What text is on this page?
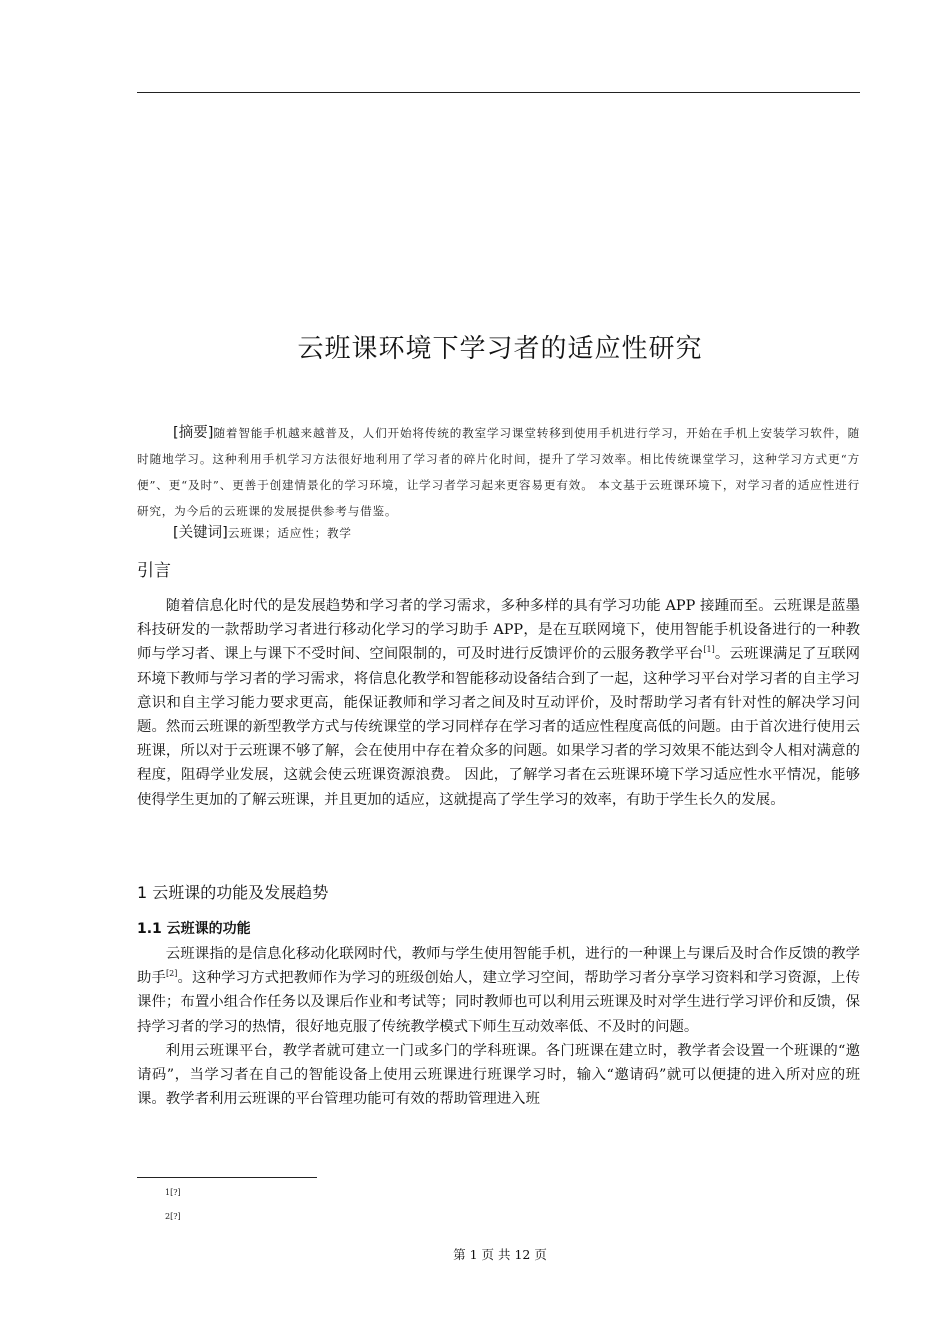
云班课环境下学习者的适应性研究
[摘要]随着智能手机越来越普及，人们开始将传统的教室学习课堂转移到使用手机进行学习，开始在手机上安装学习软件，随时随地学习。这种利用手机学习方法很好地利用了学习者的碎片化时间，提升了学习效率。相比传统课堂学习，这种学习方式更“方便”、更“及时”、更善于创建情景化的学习环境，让学习者学习起来更容易更有效。 本文基于云班课环境下，对学习者的适应性进行研究，为今后的云班课的发展提供参考与借鉴。
[关键词]云班课；适应性；教学
引言

随着信息化时代的是发展趋势和学习者的学习需求，多种多样的具有学习功能 APP 接踵而至。云班课是蓝墨科技研发的一款帮助学习者进行移动化学习的学习助手 APP，是在互联网境下，使用智能手机设备进行的一种教师与学习者、课上与课下不受时间、空间限制的，可及时进行反馈评价的云服务教学平台[1]。云班课满足了互联网环境下教师与学习者的学习需求，将信息化教学和智能移动设备结合到了一起，这种学习平台对学习者的自主学习意识和自主学习能力要求更高，能保证教师和学习者之间及时互动评价，及时帮助学习者有针对性的解决学习问题。然而云班课的新型教学方式与传统课堂的学习同样存在学习者的适应性程度高低的问题。由于首次进行使用云班课，所以对于云班课不够了解，会在使用中存在着众多的问题。如果学习者的学习效果不能达到令人相对满意的程度，阻碍学业发展，这就会使云班课资源浪费。 因此，了解学习者在云班课环境下学习适应性水平情况，能够使得学生更加的了解云班课，并且更加的适应，这就提高了学生学习的效率，有助于学生长久的发展。

1 云班课的功能及发展趋势
1.1 云班课的功能

云班课指的是信息化移动化联网时代，教师与学生使用智能手机，进行的一种课上与课后及时合作反馈的教学助手[2]。这种学习方式把教师作为学习的班级创始人，建立学习空间，帮助学习者分享学习资料和学习资源，上传课件；布置小组合作任务以及课后作业和考试等；同时教师也可以利用云班课及时对学生进行学习评价和反馈，保持学习者的学习的热情，很好地克服了传统教学模式下师生互动效率低、不及时的问题。

利用云班课平台，教学者就可建立一门或多门的学科班课。各门班课在建立时，教学者会设置一个班课的“邀请码”，当学习者在自己的智能设备上使用云班课进行班课学习时，输入“邀请码”就可以便捷的进入所对应的班课。教学者利用云班课的平台管理功能可有效的帮助管理进入班

1[?]
2[?]
第 1 页 共 12 页
